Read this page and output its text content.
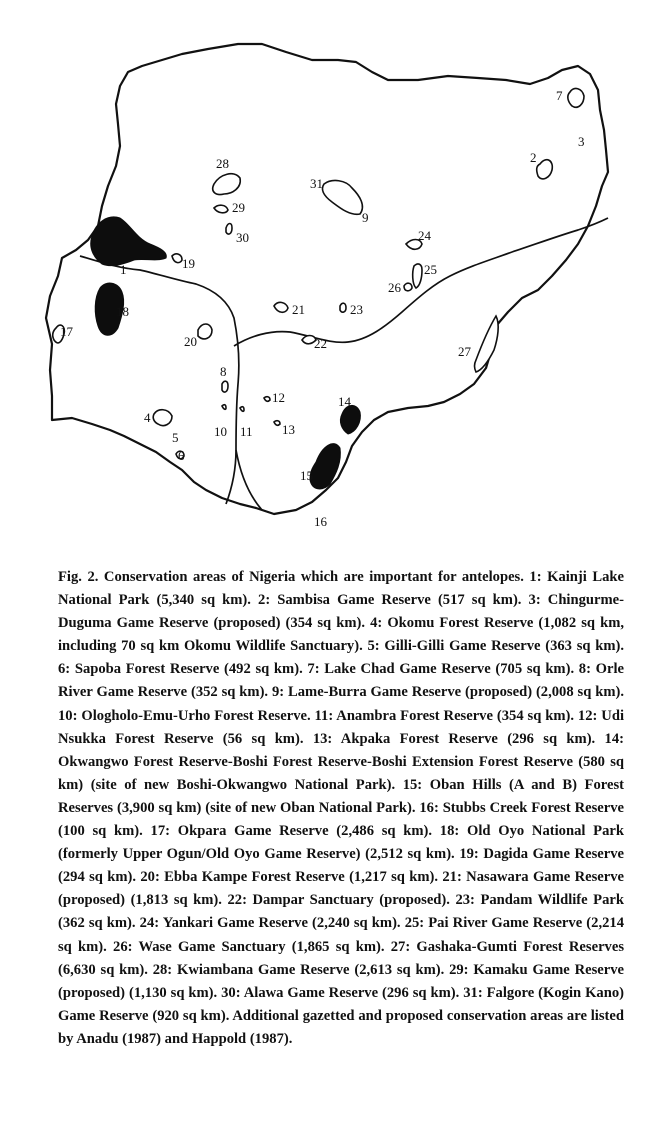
1
2
3
4
5
6
7
8
9
10 11
12
13
14
15
16
17
18
19
20
21
22
23
24
25
26
27
28
29
30
31

Fig. 2. Conservation areas of Nigeria which are important for antelopes. 1: Kainji Lake National Park (5,340 sq km). 2: Sambisa Game Reserve (517 sq km). 3: Chingurme-Duguma Game Reserve (proposed) (354 sq km). 4: Okomu Forest Reserve (1,082 sq km, including 70 sq km Okomu Wildlife Sanctuary). 5: Gilli-Gilli Game Reserve (363 sq km). 6: Sapoba Forest Reserve (492 sq km). 7: Lake Chad Game Reserve (705 sq km). 8: Orle River Game Reserve (352 sq km). 9: Lame-Burra Game Reserve (proposed) (2,008 sq km). 10: Ologholo-Emu-Urho Forest Reserve. 11: Anambra Forest Reserve (354 sq km). 12: Udi Nsukka Forest Reserve (56 sq km). 13: Akpaka Forest Reserve (296 sq km). 14: Okwangwo Forest Reserve-Boshi Forest Reserve-Boshi Extension Forest Reserve (580 sq km) (site of new Boshi-Okwangwo National Park). 15: Oban Hills (A and B) Forest Reserves (3,900 sq km) (site of new Oban National Park). 16: Stubbs Creek Forest Reserve (100 sq km). 17: Okpara Game Reserve (2,486 sq km). 18: Old Oyo National Park (formerly Upper Ogun/Old Oyo Game Reserve) (2,512 sq km). 19: Dagida Game Reserve (294 sq km). 20: Ebba Kampe Forest Reserve (1,217 sq km). 21: Nasawara Game Reserve (proposed) (1,813 sq km). 22: Dampar Sanctuary (proposed). 23: Pandam Wildlife Park (362 sq km). 24: Yankari Game Reserve (2,240 sq km). 25: Pai River Game Reserve (2,214 sq km). 26: Wase Game Sanctuary (1,865 sq km). 27: Gashaka-Gumti Forest Reserves (6,630 sq km). 28: Kwiambana Game Reserve (2,613 sq km). 29: Kamaku Game Reserve (proposed) (1,130 sq km). 30: Alawa Game Reserve (296 sq km). 31: Falgore (Kogin Kano) Game Reserve (920 sq km). Additional gazetted and proposed conservation areas are listed by Anadu (1987) and Happold (1987).
